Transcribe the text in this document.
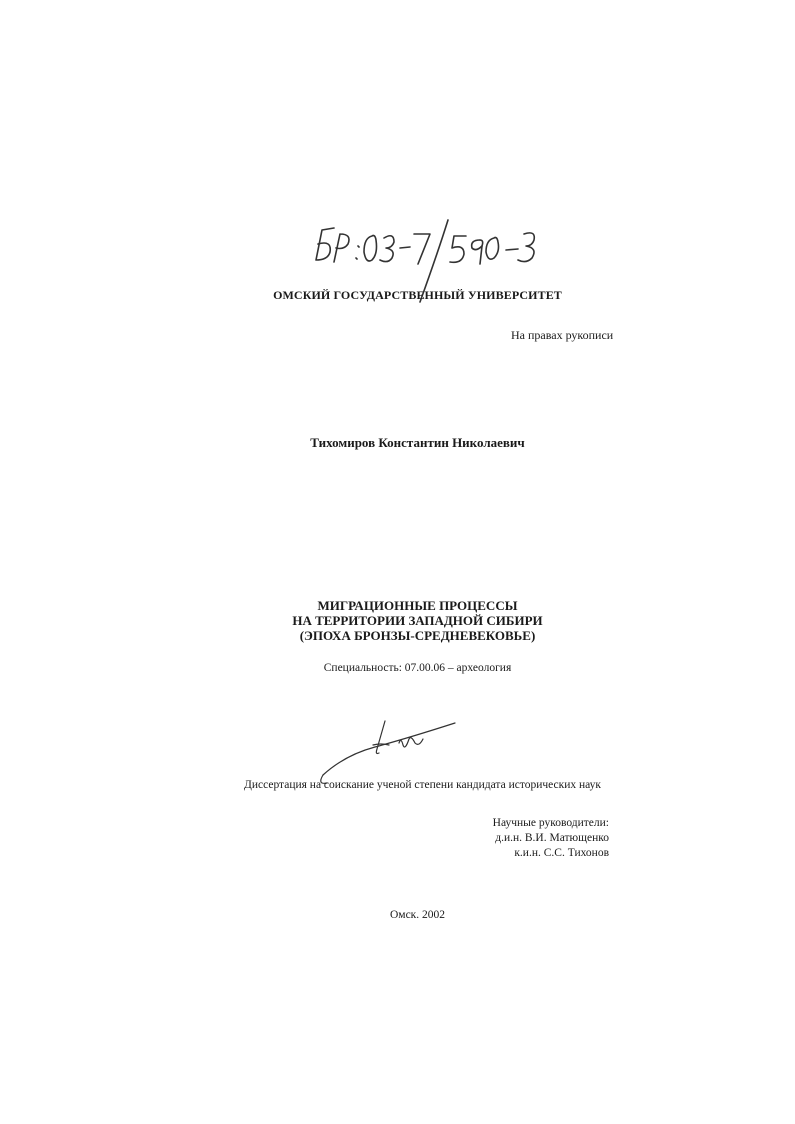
ОМСКИЙ ГОСУДАРСТВЕННЫЙ УНИВЕРСИТЕТ

На правах рукописи

Тихомиров Константин Николаевич

МИГРАЦИОННЫЕ ПРОЦЕССЫ
НА ТЕРРИТОРИИ ЗАПАДНОЙ СИБИРИ
(ЭПОХА БРОНЗЫ-СРЕДНЕВЕКОВЬЕ)

Специальность: 07.00.06 – археология

Диссертация на соискание ученой степени кандидата исторических наук

Научные руководители:
д.и.н. В.И. Матющенко
к.и.н. С.С. Тихонов

Омск. 2002
